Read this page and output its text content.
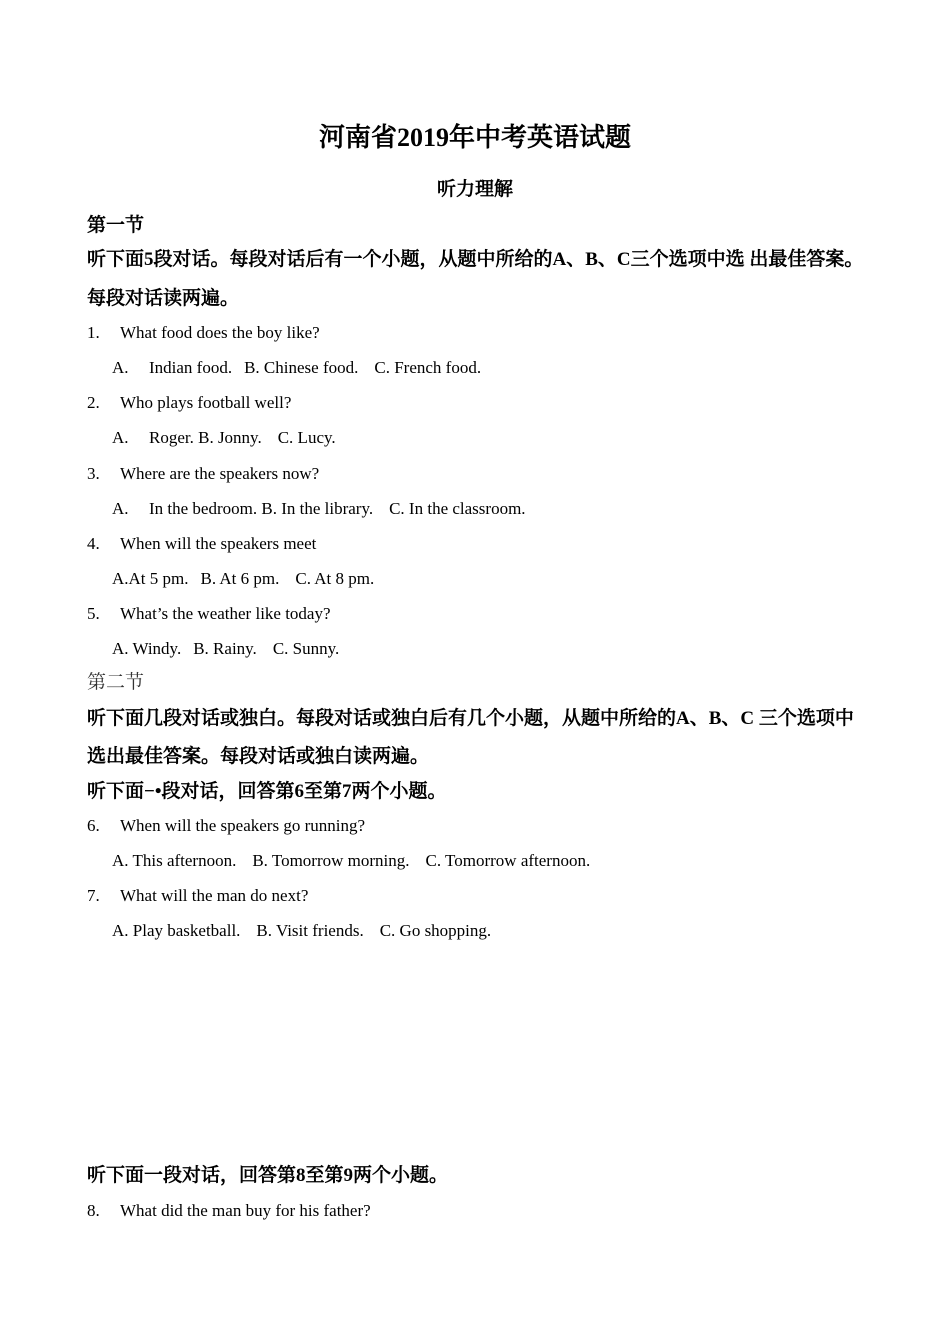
河南省2019年中考英语试题
听力理解
第一节
听下面5段对话。每段对话后有一个小题，从题中所给的A、B、C三个选项中选 出最佳答案。
每段对话读两遍。
1. What food does the boy like?
A. Indian food. B. Chinese food. C. French food.
2. Who plays football well?
A. Roger. B. Jonny. C. Lucy.
3. Where are the speakers now?
A. In the bedroom. B. In the library. C. In the classroom.
4. When will the speakers meet
A.At 5 pm. B. At 6 pm. C. At 8 pm.
5. What’s the weather like today?
A. Windy. B. Rainy. C. Sunny.
第二节
听下面几段对话或独白。每段对话或独白后有几个小题，从题中所给的A、B、C 三个选项中
选出最佳答案。每段对话或独白读两遍。
听下面−•段对话，回答第6至第7两个小题。
6. When will the speakers go running?
A. This afternoon. B. Tomorrow morning. C. Tomorrow afternoon.
7. What will the man do next?
A. Play basketball. B. Visit friends. C. Go shopping.
听下面一段对话，回答第8至第9两个小题。
8. What did the man buy for his father?
